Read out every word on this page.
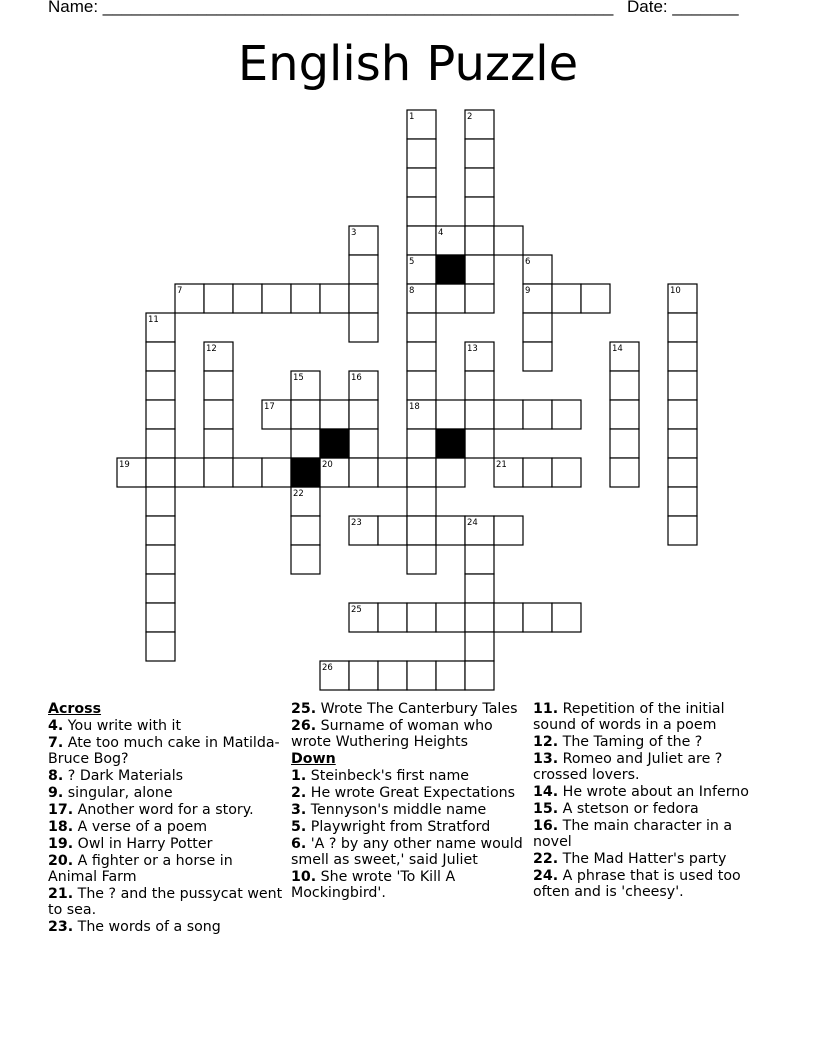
Name: ______________________________________________________ Date: _______
English Puzzle
1	2
3	4
5	6
7	8	9	10
11
12	13	14
15	16
17	18
19	20	21
22
23	24
25
26
Across
4. You write with it
7. Ate too much cake in Matilda- Bruce Bog?
8. ? Dark Materials
9. singular, alone
17. Another word for a story.
18. A verse of a poem
19. Owl in Harry Potter
20. A fighter or a horse in Animal Farm
21. The ? and the pussycat went to sea.
23. The words of a song
25. Wrote The Canterbury Tales
26. Surname of woman who wrote Wuthering Heights
Down
1. Steinbeck's first name
2. He wrote Great Expectations
3. Tennyson's middle name
5. Playwright from Stratford
6. 'A ? by any other name would smell as sweet,' said Juliet
10. She wrote 'To Kill A Mockingbird'.
11. Repetition of the initial sound of words in a poem
12. The Taming of the ?
13. Romeo and Juliet are ? crossed lovers.
14. He wrote about an Inferno
15. A stetson or fedora
16. The main character in a novel
22. The Mad Hatter's party
24. A phrase that is used too often and is 'cheesy'.
